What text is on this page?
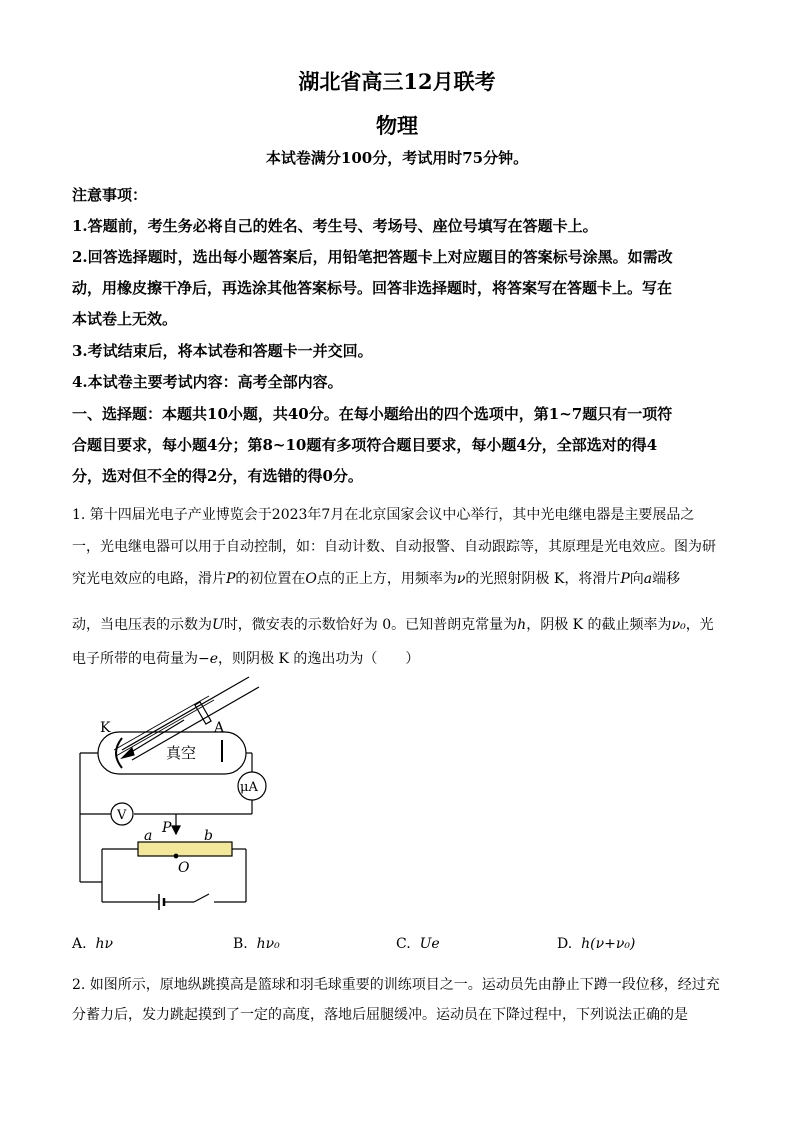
湖北省高三12月联考
物理
本试卷满分100分，考试用时75分钟。
注意事项：
1.答题前，考生务必将自己的姓名、考生号、考场号、座位号填写在答题卡上。
2.回答选择题时，选出每小题答案后，用铅笔把答题卡上对应题目的答案标号涂黑。如需改
动，用橡皮擦干净后，再选涂其他答案标号。回答非选择题时，将答案写在答题卡上。写在
本试卷上无效。
3.考试结束后，将本试卷和答题卡一并交回。
4.本试卷主要考试内容：高考全部内容。
一、选择题：本题共10小题，共40分。在每小题给出的四个选项中，第1~7题只有一项符
合题目要求，每小题4分；第8~10题有多项符合题目要求，每小题4分，全部选对的得4
分，选对但不全的得2分，有选错的得0分。
1. 第十四届光电子产业博览会于2023年7月在北京国家会议中心举行，其中光电继电器是主要展品之
一，光电继电器可以用于自动控制，如：自动计数、自动报警、自动跟踪等，其原理是光电效应。图为研
究光电效应的电路，滑片P的初位置在O点的正上方，用频率为ν的光照射阴极 K，将滑片P向a端移
动，当电压表的示数为U时，微安表的示数恰好为 0。已知普朗克常量为h，阴极 K 的截止频率为ν₀，光
电子所带的电荷量为−e，则阴极 K 的逸出功为（　　）
K	A
真空
μA
V
a P b
O
A. hν	B. hν₀	C. Ue	D. h(ν+ν₀)
2. 如图所示，原地纵跳摸高是篮球和羽毛球重要的训练项目之一。运动员先由静止下蹲一段位移，经过充
分蓄力后，发力跳起摸到了一定的高度，落地后屈腿缓冲。运动员在下降过程中，下列说法正确的是
